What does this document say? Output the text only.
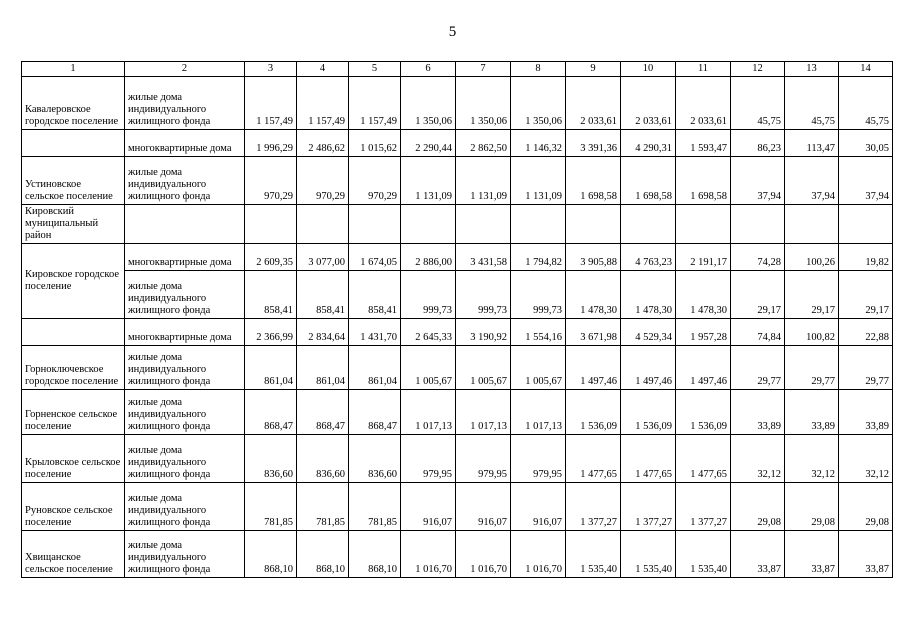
5
1	2	3	4	5	6	7	8	9	10	11	12	13	14
Кавалеровское городское поселение	жилые дома индивидуального жилищного фонда	1 157,49	1 157,49	1 157,49	1 350,06	1 350,06	1 350,06	2 033,61	2 033,61	2 033,61	45,75	45,75	45,75
	многоквартирные дома	1 996,29	2 486,62	1 015,62	2 290,44	2 862,50	1 146,32	3 391,36	4 290,31	1 593,47	86,23	113,47	30,05
Устиновское сельское поселение	жилые дома индивидуального жилищного фонда	970,29	970,29	970,29	1 131,09	1 131,09	1 131,09	1 698,58	1 698,58	1 698,58	37,94	37,94	37,94
Кировский муниципальный район													
Кировское городское поселение	многоквартирные дома	2 609,35	3 077,00	1 674,05	2 886,00	3 431,58	1 794,82	3 905,88	4 763,23	2 191,17	74,28	100,26	19,82
	жилые дома индивидуального жилищного фонда	858,41	858,41	858,41	999,73	999,73	999,73	1 478,30	1 478,30	1 478,30	29,17	29,17	29,17
	многоквартирные дома	2 366,99	2 834,64	1 431,70	2 645,33	3 190,92	1 554,16	3 671,98	4 529,34	1 957,28	74,84	100,82	22,88
Горноключевское городское поселение	жилые дома индивидуального жилищного фонда	861,04	861,04	861,04	1 005,67	1 005,67	1 005,67	1 497,46	1 497,46	1 497,46	29,77	29,77	29,77
Горненское сельское поселение	жилые дома индивидуального жилищного фонда	868,47	868,47	868,47	1 017,13	1 017,13	1 017,13	1 536,09	1 536,09	1 536,09	33,89	33,89	33,89
Крыловское сельское поселение	жилые дома индивидуального жилищного фонда	836,60	836,60	836,60	979,95	979,95	979,95	1 477,65	1 477,65	1 477,65	32,12	32,12	32,12
Руновское сельское поселение	жилые дома индивидуального жилищного фонда	781,85	781,85	781,85	916,07	916,07	916,07	1 377,27	1 377,27	1 377,27	29,08	29,08	29,08
Хвищанское сельское поселение	жилые дома индивидуального жилищного фонда	868,10	868,10	868,10	1 016,70	1 016,70	1 016,70	1 535,40	1 535,40	1 535,40	33,87	33,87	33,87
